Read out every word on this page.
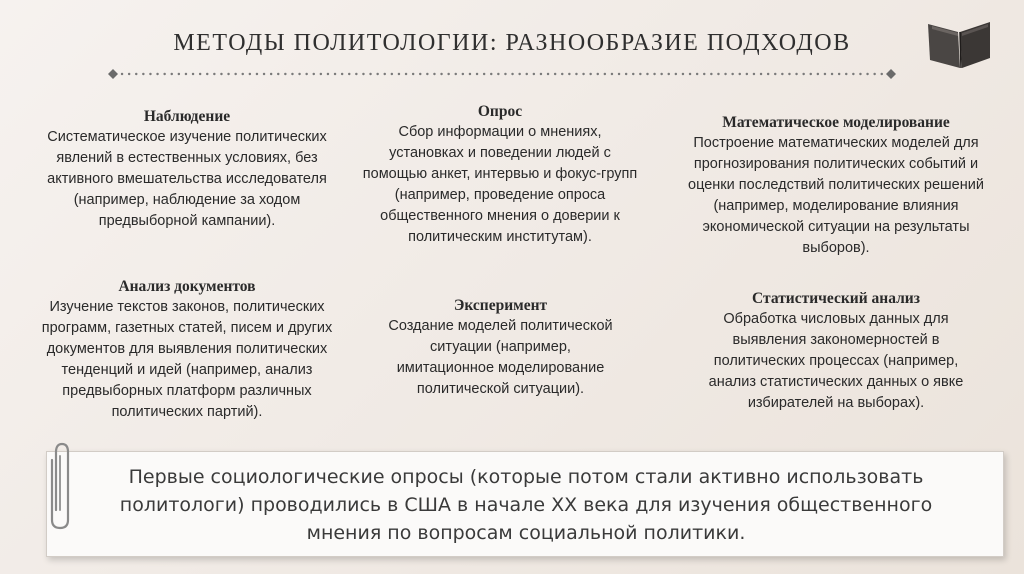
МЕТОДЫ ПОЛИТОЛОГИИ: РАЗНООБРАЗИЕ ПОДХОДОВ
Наблюдение
Систематическое изучение политических
явлений в естественных условиях, без
активного вмешательства исследователя
(например, наблюдение за ходом
предвыборной кампании).
Опрос
Сбор информации о мнениях,
установках и поведении людей с
помощью анкет, интервью и фокус-групп
(например, проведение опроса
общественного мнения о доверии к
политическим институтам).
Математическое моделирование
Построение математических моделей для
прогнозирования политических событий и
оценки последствий политических решений
(например, моделирование влияния
экономической ситуации на результаты
выборов).
Анализ документов
Изучение текстов законов, политических
программ, газетных статей, писем и других
документов для выявления политических
тенденций и идей (например, анализ
предвыборных платформ различных
политических партий).
Эксперимент
Создание моделей политической
ситуации (например,
имитационное моделирование
политической ситуации).
Статистический анализ
Обработка числовых данных для
выявления закономерностей в
политических процессах (например,
анализ статистических данных о явке
избирателей на выборах).
Первые социологические опросы (которые потом стали активно использовать
политологи) проводились в США в начале XX века для изучения общественного
мнения по вопросам социальной политики.
